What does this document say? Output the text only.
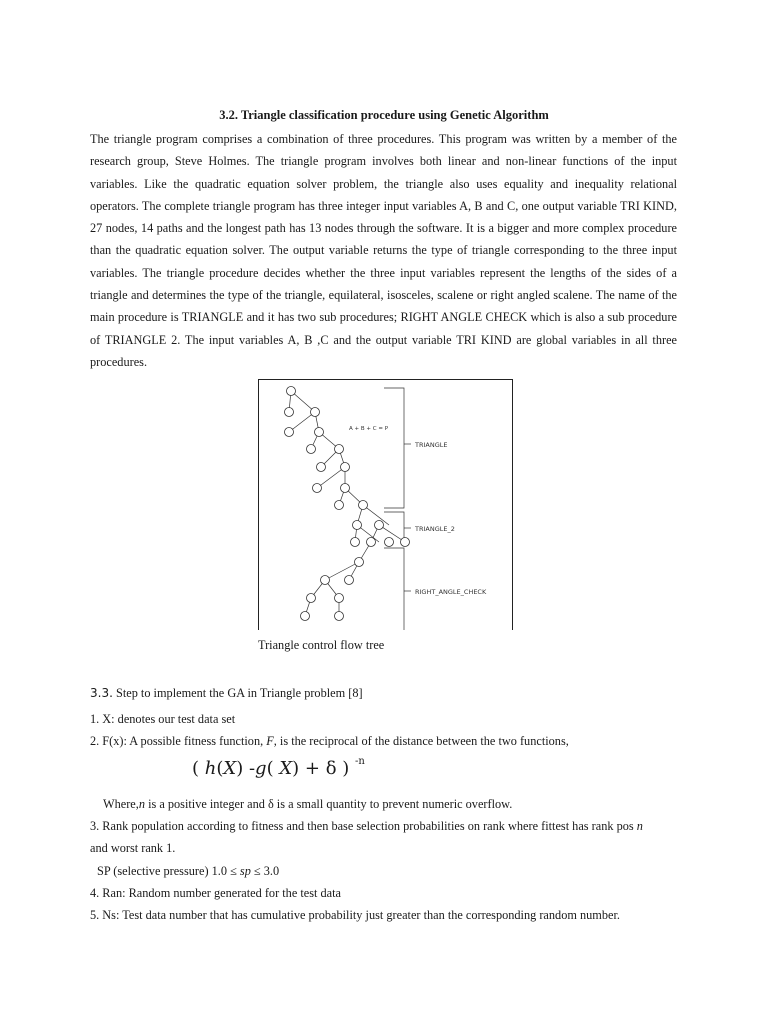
3.2. Triangle classification procedure using Genetic Algorithm

The triangle program comprises a combination of three procedures. This program was written by a member of the research group, Steve Holmes. The triangle program involves both linear and non-linear functions of the input variables. Like the quadratic equation solver problem, the triangle also uses equality and inequality relational operators. The complete triangle program has three integer input variables A, B and C, one output variable TRI KIND, 27 nodes, 14 paths and the longest path has 13 nodes through the software. It is a bigger and more complex procedure than the quadratic equation solver. The output variable returns the type of triangle corresponding to the three input variables. The triangle procedure decides whether the three input variables represent the lengths of the sides of a triangle and determines the type of the triangle, equilateral, isosceles, scalene or right angled scalene. The name of the main procedure is TRIANGLE and it has two sub procedures; RIGHT ANGLE CHECK which is also a sub procedure of TRIANGLE 2. The input variables A, B ,C and the output variable TRI KIND are global variables in all three procedures.

A + B + C = P
TRIANGLE
TRIANGLE_2
RIGHT_ANGLE_CHECK
Triangle control flow tree
3.3. Step to implement the GA in Triangle problem [8]
1. X: denotes our test data set
2. F(x): A possible fitness function, F, is the reciprocal of the distance between the two functions,
( h(X) -g( X) + δ ) $^{-n}$
Where,n is a positive integer and δ is a small quantity to prevent numeric overflow.
3. Rank population according to fitness and then base selection probabilities on rank where fittest has rank pos n
and worst rank 1.
SP (selective pressure) 1.0 ≤ sp ≤ 3.0
4. Ran: Random number generated for the test data
5. Ns: Test data number that has cumulative probability just greater than the corresponding random number.
